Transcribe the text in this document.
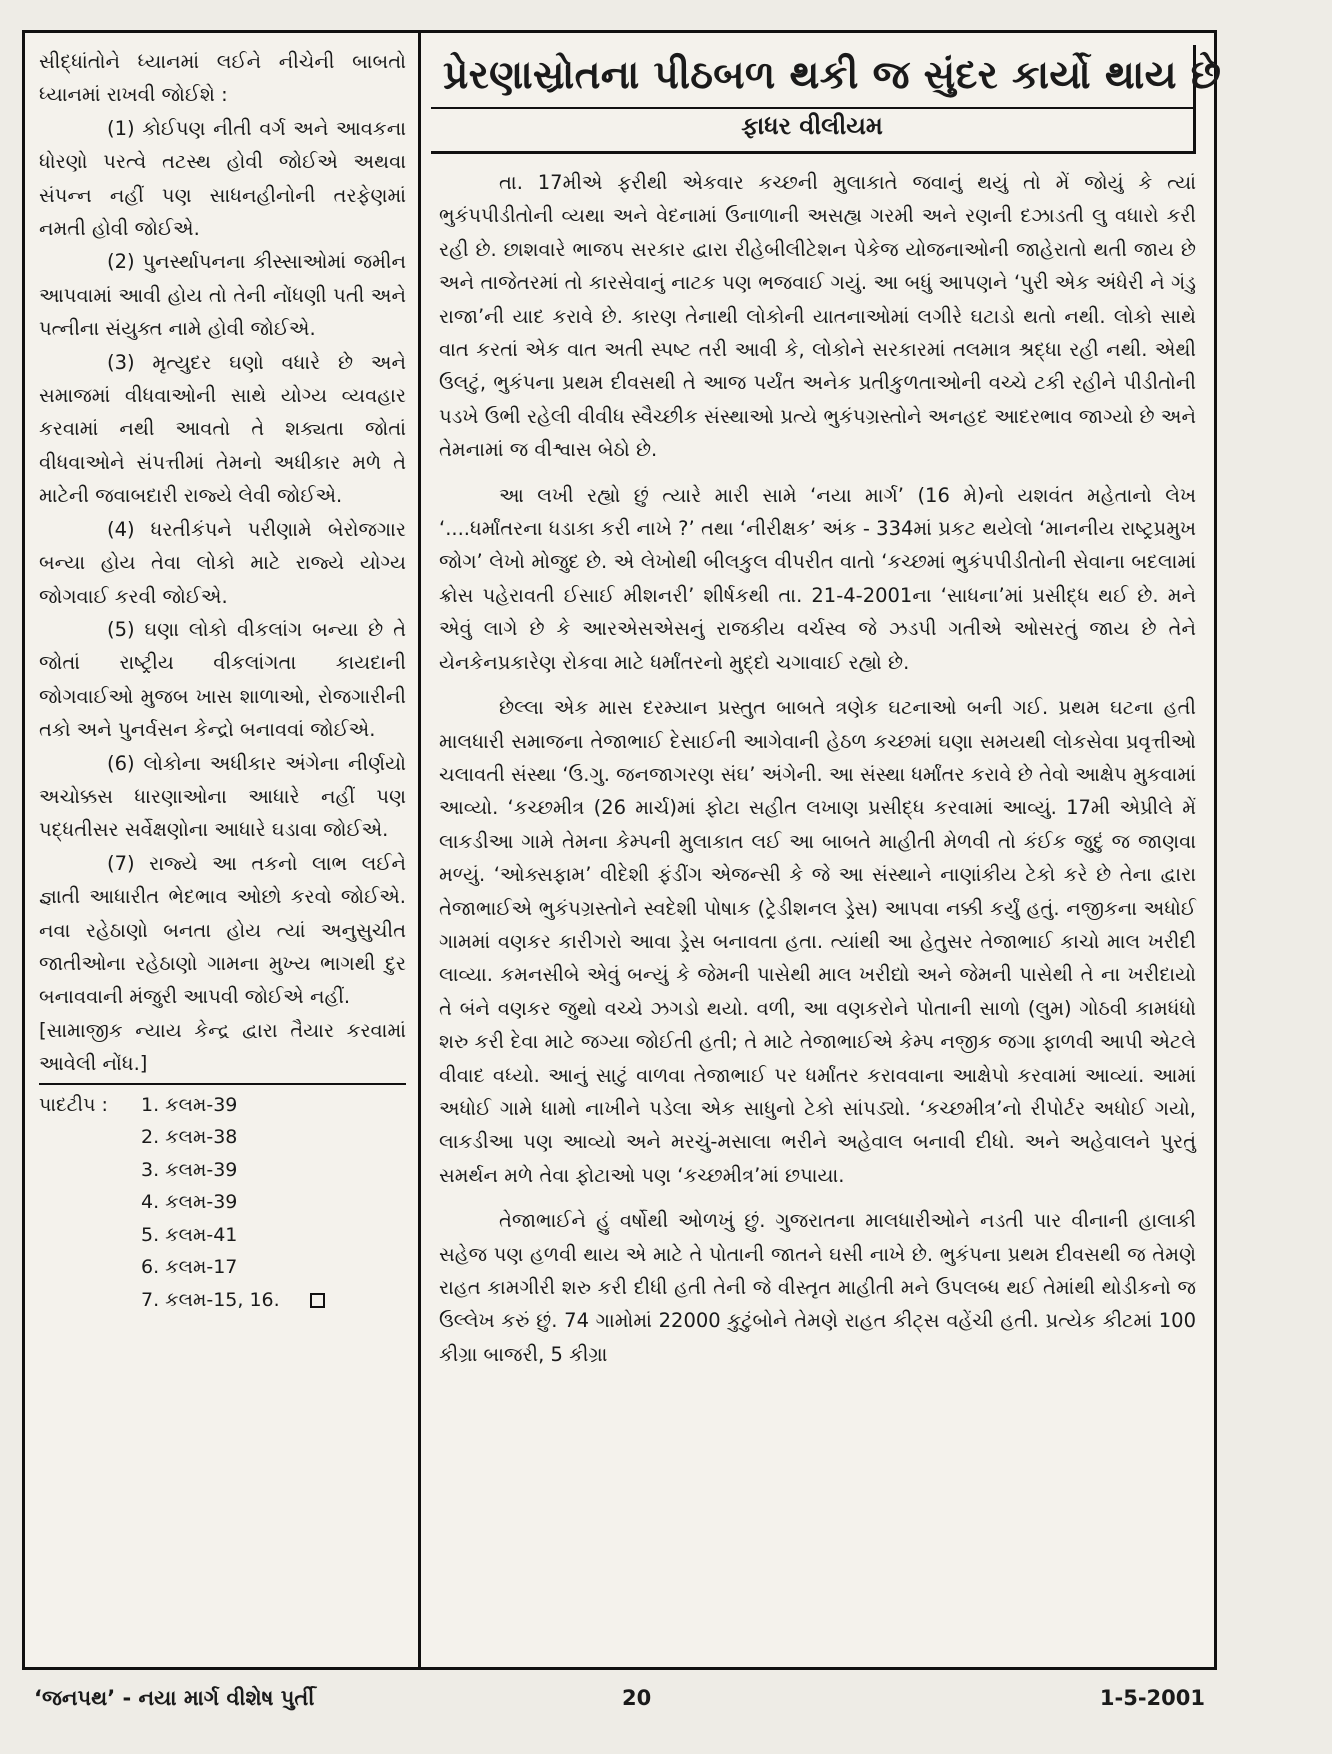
સીદ્ધાંતોને ધ્યાનમાં લઈને નીચેની બાબતો ધ્યાનમાં રાખવી જોઈશે :

(1) કોઈપણ નીતી વર્ગ અને આવકના ધોરણો પરત્વે તટસ્થ હોવી જોઈએ અથવા સંપન્ન નહીં પણ સાધનહીનોની તરફેણમાં નમતી હોવી જોઈએ.

(2) પુનર્સ્થાપનના કીસ્સાઓમાં જમીન આપવામાં આવી હોય તો તેની નોંધણી પતી અને પત્નીના સંયુક્ત નામે હોવી જોઈએ.

(3) મૃત્યુદર ઘણો વધારે છે અને સમાજમાં વીધવાઓની સાથે યોગ્ય વ્યવહાર કરવામાં નથી આવતો તે શક્યતા જોતાં વીધવાઓને સંપત્તીમાં તેમનો અધીકાર મળે તે માટેની જવાબદારી રાજ્યે લેવી જોઈએ.

(4) ધરતીકંપને પરીણામે બેરોજગાર બન્યા હોય તેવા લોકો માટે રાજ્યે યોગ્ય જોગવાઈ કરવી જોઈએ.

(5) ઘણા લોકો વીકલાંગ બન્યા છે તે જોતાં રાષ્ટ્રીય વીકલાંગતા કાયદાની જોગવાઈઓ મુજબ ખાસ શાળાઓ, રોજગારીની તકો અને પુનર્વસન કેન્દ્રો બનાવવાં જોઈએ.

(6) લોકોના અધીકાર અંગેના નીર્ણયો અચોક્કસ ધારણાઓના આધારે નહીં પણ પદ્ધતીસર સર્વેક્ષણોના આધારે ઘડાવા જોઈએ.

(7) રાજ્યે આ તકનો લાભ લઈને જ્ઞાતી આધારીત ભેદભાવ ઓછો કરવો જોઈએ. નવા રહેઠાણો બનતા હોય ત્યાં અનુસુચીત જાતીઓના રહેઠાણો ગામના મુખ્ય ભાગથી દુર બનાવવાની મંજુરી આપવી જોઈએ નહીં.

[સામાજીક ન્યાય કેન્દ્ર દ્વારા તૈયાર કરવામાં આવેલી નોંધ.]

પાદટીપ :	1. કલમ-39
2. કલમ-38
3. કલમ-39
4. કલમ-39
5. કલમ-41
6. કલમ-17
7. કલમ-15, 16.
પ્રેરણાસ્રોતના પીઠબળ થકી જ સુંદર કાર્યો થાય છે
ફાધર વીલીયમ

તા. 17મીએ ફરીથી એકવાર કચ્છની મુલાકાતે જવાનું થયું તો મેં જોયું કે ત્યાં ભુકંપપીડીતોની વ્યથા અને વેદનામાં ઉનાળાની અસહ્ય ગરમી અને રણની દઝાડતી લુ વધારો કરી રહી છે. છાશવારે ભાજપ સરકાર દ્વારા રીહેબીલીટેશન પેકેજ યોજનાઓની જાહેરાતો થતી જાય છે અને તાજેતરમાં તો કારસેવાનું નાટક પણ ભજવાઈ ગયું. આ બધું આપણને ‘પુરી એક અંધેરી ને ગંડુ રાજા’ની યાદ કરાવે છે. કારણ તેનાથી લોકોની યાતનાઓમાં લગીરે ઘટાડો થતો નથી. લોકો સાથે વાત કરતાં એક વાત અતી સ્પષ્ટ તરી આવી કે, લોકોને સરકારમાં તલમાત્ર શ્રદ્ધા રહી નથી. એથી ઉલટું, ભુકંપના પ્રથમ દીવસથી તે આજ પર્યંત અનેક પ્રતીકુળતાઓની વચ્ચે ટકી રહીને પીડીતોની પડખે ઉભી રહેલી વીવીધ સ્વૈચ્છીક સંસ્થાઓ પ્રત્યે ભુકંપગ્રસ્તોને અનહદ આદરભાવ જાગ્યો છે અને તેમનામાં જ વીશ્વાસ બેઠો છે.

આ લખી રહ્યો છું ત્યારે મારી સામે ‘નયા માર્ગ’ (16 મે)નો યશવંત મહેતાનો લેખ ‘....ધર્માંતરના ધડાકા કરી નાખે ?’ તથા ‘નીરીક્ષક’ અંક - 334માં પ્રકટ થયેલો ‘માનનીય રાષ્ટ્રપ્રમુખ જોગ’ લેખો મોજુદ છે. એ લેખોથી બીલકુલ વીપરીત વાતો ‘કચ્છમાં ભુકંપપીડીતોની સેવાના બદલામાં ક્રોસ પહેરાવતી ઈસાઈ મીશનરી’ શીર્ષકથી તા. 21-4-2001ના ‘સાધના’માં પ્રસીદ્ધ થઈ છે. મને એવું લાગે છે કે આરએસએસનું રાજકીય વર્ચસ્વ જે ઝડપી ગતીએ ઓસરતું જાય છે તેને યેનકેનપ્રકારેણ રોકવા માટે ધર્માંતરનો મુદ્દો ચગાવાઈ રહ્યો છે.

છેલ્લા એક માસ દરમ્યાન પ્રસ્તુત બાબતે ત્રણેક ઘટનાઓ બની ગઈ. પ્રથમ ઘટના હતી માલધારી સમાજના તેજાભાઈ દેસાઈની આગેવાની હેઠળ કચ્છમાં ઘણા સમયથી લોકસેવા પ્રવૃત્તીઓ ચલાવતી સંસ્થા ‘ઉ.ગુ. જનજાગરણ સંઘ’ અંગેની. આ સંસ્થા ધર્માંતર કરાવે છે તેવો આક્ષેપ મુકવામાં આવ્યો. ‘કચ્છમીત્ર (26 માર્ચ)માં ફોટા સહીત લખાણ પ્રસીદ્ધ કરવામાં આવ્યું. 17મી એપ્રીલે મેં લાકડીઆ ગામે તેમના કેમ્પની મુલાકાત લઈ આ બાબતે માહીતી મેળવી તો કંઈક જુદું જ જાણવા મળ્યું. ‘ઓક્સફામ’ વીદેશી ફંડીંગ એજન્સી કે જે આ સંસ્થાને નાણાંકીય ટેકો કરે છે તેના દ્વારા તેજાભાઈએ ભુકંપગ્રસ્તોને સ્વદેશી પોષાક (ટ્રેડીશનલ ડ્રેસ) આપવા નક્કી કર્યું હતું. નજીકના અધોઈ ગામમાં વણકર કારીગરો આવા ડ્રેસ બનાવતા હતા. ત્યાંથી આ હેતુસર તેજાભાઈ કાચો માલ ખરીદી લાવ્યા. કમનસીબે એવું બન્યું કે જેમની પાસેથી માલ ખરીદ્યો અને જેમની પાસેથી તે ના ખરીદાયો તે બંને વણકર જુથો વચ્ચે ઝગડો થયો. વળી, આ વણકરોને પોતાની સાળો (લુમ) ગોઠવી કામધંધો શરુ કરી દેવા માટે જગ્યા જોઈતી હતી; તે માટે તેજાભાઈએ કેમ્પ નજીક જગા ફાળવી આપી એટલે વીવાદ વધ્યો. આનું સાટું વાળવા તેજાભાઈ પર ધર્માંતર કરાવવાના આક્ષેપો કરવામાં આવ્યાં. આમાં અધોઈ ગામે ધામો નાખીને પડેલા એક સાધુનો ટેકો સાંપડ્યો. ‘કચ્છમીત્ર’નો રીપોર્ટર અધોઈ ગયો, લાકડીઆ પણ આવ્યો અને મરચું-મસાલા ભરીને અહેવાલ બનાવી દીધો. અને અહેવાલને પુરતું સમર્થન મળે તેવા ફોટાઓ પણ ‘કચ્છમીત્ર’માં છપાયા.

તેજાભાઈને હું વર્ષોથી ઓળખું છું. ગુજરાતના માલધારીઓને નડતી પાર વીનાની હાલાકી સહેજ પણ હળવી થાય એ માટે તે પોતાની જાતને ઘસી નાખે છે. ભુકંપના પ્રથમ દીવસથી જ તેમણે રાહત કામગીરી શરુ કરી દીધી હતી તેની જે વીસ્તૃત માહીતી મને ઉપલબ્ધ થઈ તેમાંથી થોડીકનો જ ઉલ્લેખ કરું છું. 74 ગામોમાં 22000 કુટુંબોને તેમણે રાહત કીટ્સ વહેંચી હતી. પ્રત્યેક કીટમાં 100 કીગ્રા બાજરી, 5 કીગ્રા

‘જનપથ’ - નયા માર્ગ વીશેષ પુર્તી	20	1-5-2001
